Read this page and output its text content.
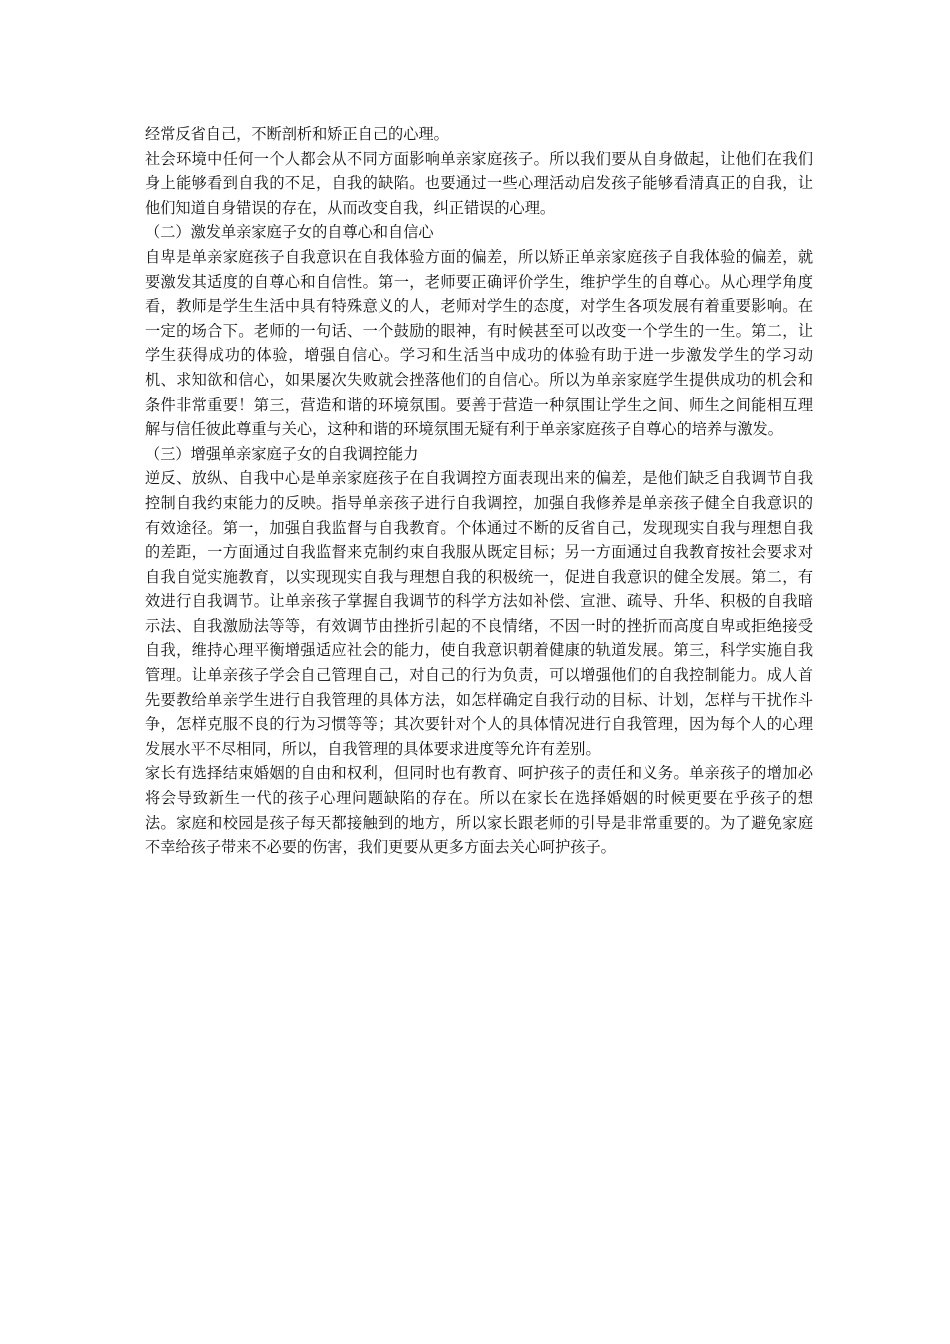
经常反省自己，不断剖析和矫正自己的心理。

社会环境中任何一个人都会从不同方面影响单亲家庭孩子。所以我们要从自身做起，让他们在我们身上能够看到自我的不足，自我的缺陷。也要通过一些心理活动启发孩子能够看清真正的自我，让他们知道自身错误的存在，从而改变自我，纠正错误的心理。

（二）激发单亲家庭子女的自尊心和自信心

自卑是单亲家庭孩子自我意识在自我体验方面的偏差，所以矫正单亲家庭孩子自我体验的偏差，就要激发其适度的自尊心和自信性。第一，老师要正确评价学生，维护学生的自尊心。从心理学角度看，教师是学生生活中具有特殊意义的人，老师对学生的态度，对学生各项发展有着重要影响。在一定的场合下。老师的一句话、一个鼓励的眼神，有时候甚至可以改变一个学生的一生。第二，让学生获得成功的体验，增强自信心。学习和生活当中成功的体验有助于进一步激发学生的学习动机、求知欲和信心，如果屡次失败就会挫落他们的自信心。所以为单亲家庭学生提供成功的机会和条件非常重要！第三，营造和谐的环境氛围。要善于营造一种氛围让学生之间、师生之间能相互理解与信任彼此尊重与关心，这种和谐的环境氛围无疑有利于单亲家庭孩子自尊心的培养与激发。

（三）增强单亲家庭子女的自我调控能力

逆反、放纵、自我中心是单亲家庭孩子在自我调控方面表现出来的偏差，是他们缺乏自我调节自我控制自我约束能力的反映。指导单亲孩子进行自我调控，加强自我修养是单亲孩子健全自我意识的有效途径。第一，加强自我监督与自我教育。个体通过不断的反省自己，发现现实自我与理想自我的差距，一方面通过自我监督来克制约束自我服从既定目标；另一方面通过自我教育按社会要求对自我自觉实施教育，以实现现实自我与理想自我的积极统一，促进自我意识的健全发展。第二，有效进行自我调节。让单亲孩子掌握自我调节的科学方法如补偿、宣泄、疏导、升华、积极的自我暗示法、自我激励法等等，有效调节由挫折引起的不良情绪，不因一时的挫折而高度自卑或拒绝接受自我，维持心理平衡增强适应社会的能力，使自我意识朝着健康的轨道发展。第三，科学实施自我管理。让单亲孩子学会自己管理自己，对自己的行为负责，可以增强他们的自我控制能力。成人首先要教给单亲学生进行自我管理的具体方法，如怎样确定自我行动的目标、计划，怎样与干扰作斗争，怎样克服不良的行为习惯等等；其次要针对个人的具体情况进行自我管理，因为每个人的心理发展水平不尽相同，所以，自我管理的具体要求进度等允许有差别。

家长有选择结束婚姻的自由和权利，但同时也有教育、呵护孩子的责任和义务。单亲孩子的增加必将会导致新生一代的孩子心理问题缺陷的存在。所以在家长在选择婚姻的时候更要在乎孩子的想法。家庭和校园是孩子每天都接触到的地方，所以家长跟老师的引导是非常重要的。为了避免家庭不幸给孩子带来不必要的伤害，我们更要从更多方面去关心呵护孩子。
